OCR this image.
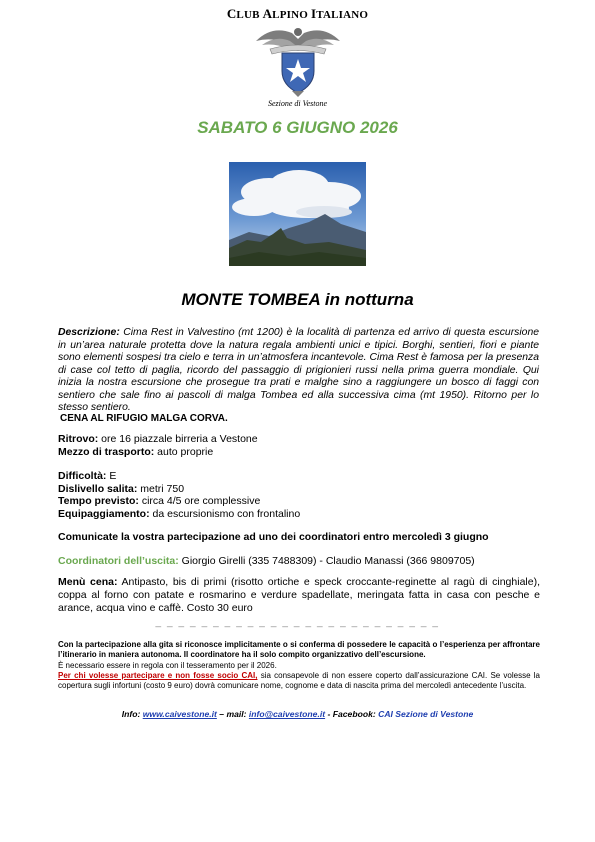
CLUB ALPINO ITALIANO
Sezione di Vestone
SABATO 6 GIUGNO 2026
MONTE TOMBEA in notturna
Descrizione: Cima Rest in Valvestino (mt 1200) è la località di partenza ed arrivo di questa escursione in un’area naturale protetta dove la natura regala ambienti unici e tipici. Borghi, sentieri, fiori e piante sono elementi sospesi tra cielo e terra in un’atmosfera incantevole. Cima Rest è famosa per la presenza di case col tetto di paglia, ricordo del passaggio di prigionieri russi nella prima guerra mondiale. Qui inizia la nostra escursione che prosegue tra prati e malghe sino a raggiungere un bosco di faggi con sentiero che sale fino ai pascoli di malga Tombea ed alla successiva cima (mt 1950). Ritorno per lo stesso sentiero.
CENA AL RIFUGIO MALGA CORVA.
Ritrovo: ore 16 piazzale birreria a Vestone
Mezzo di trasporto: auto proprie
Difficoltà: E
Dislivello salita: metri 750
Tempo previsto: circa 4/5 ore complessive
Equipaggiamento: da escursionismo con frontalino
Comunicate la vostra partecipazione ad uno dei coordinatori entro mercoledì 3 giugno
Coordinatori dell’uscita: Giorgio Girelli (335 7488309) - Claudio Manassi (366 9809705)
Menù cena: Antipasto, bis di primi (risotto ortiche e speck croccante-reginette al ragù di cinghiale), coppa al forno con patate e rosmarino e verdure spadellate, meringata fatta in casa con pesche e arance, acqua vino e caffè. Costo 30 euro
_ _ _ _ _ _ _ _ _ _ _ _ _ _ _ _ _ _ _ _ _ _ _ _ _
Con la partecipazione alla gita si riconosce implicitamente o si conferma di possedere le capacità o l’esperienza per affrontare l’itinerario in maniera autonoma. Il coordinatore ha il solo compito organizzativo dell’escursione.
È necessario essere in regola con il tesseramento per il 2026.
Per chi volesse partecipare e non fosse socio CAI, sia consapevole di non essere coperto dall’assicurazione CAI. Se volesse la copertura sugli infortuni (costo 9 euro) dovrà comunicare nome, cognome e data di nascita prima del mercoledì antecedente l’uscita.
Info: www.caivestone.it – mail: info@caivestone.it - Facebook: CAI Sezione di Vestone
